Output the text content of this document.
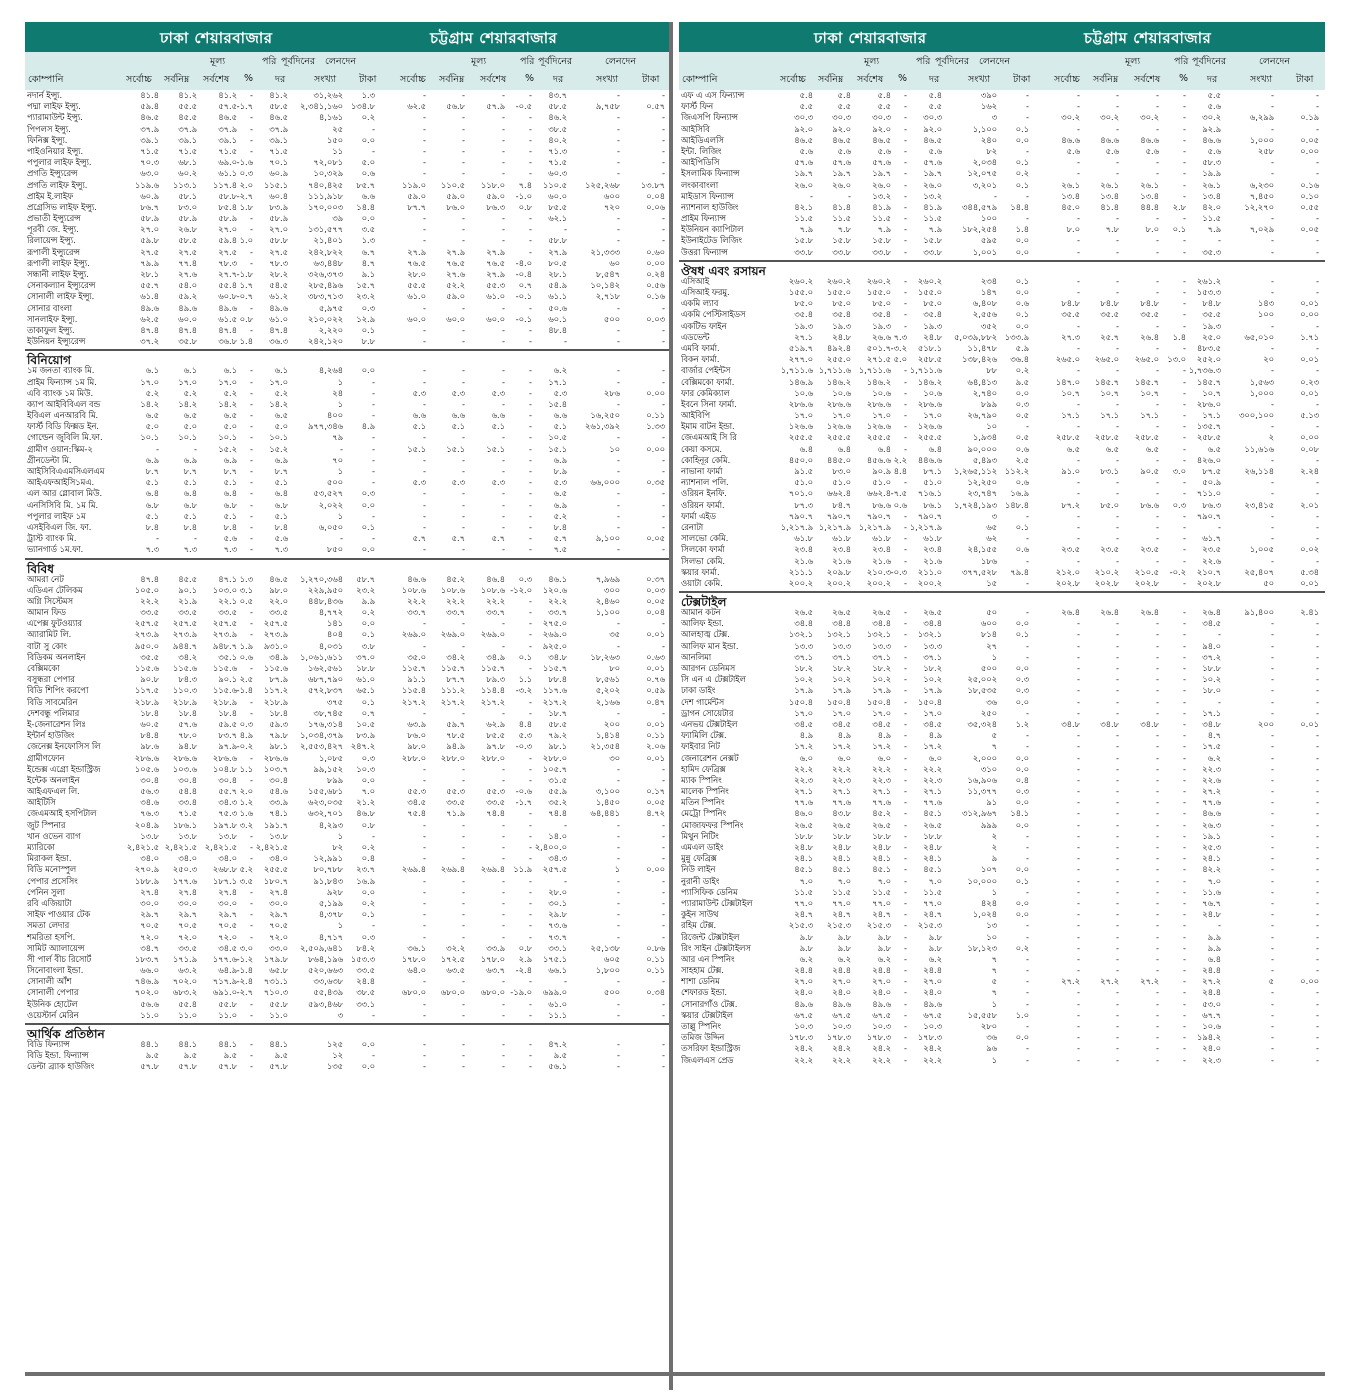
ঢাকা শেয়ারবাজার	চট্টগ্রাম শেয়ারবাজার
মূল্য	পরি পূর্বদিনের লেনদেন	মূল্য	পরি পূর্বদিনের	লেনদেন
কোম্পানি	সর্বোচ্চ সর্বনিম্ন সর্বশেষ % দর	সংখ্যা টাকা সর্বোচ্চ সর্বনিম্ন সর্বশেষ % দর	সংখ্যা	টাকা
নদার্ন ইন্স্যু.	৪১.৪	৪১.২	৪১.২	-	৪১.২	৩১,২৬২	১.৩	-	-	-	-	৪৩.৭	-	-
পদ্মা লাইফ ইন্স্যু.	৫৯.৪	৫৫.৫	৫৭.৫ -১.৭	৫৮.৫	২,৩৪১,১৬০ ১৩৪.৮	৬২.৫	৫৬.৮	৫৭.৯	-০.৫	৫৮.৫	৯,৭৫৮	০.৫৭
প্যারামাউন্ট ইন্স্যু.	৪৬.৫	৪৫.৫	৪৬.৫	-	৪৬.৫	৪,১৬১	০.২	-	-	-	-	৪৬.২	-	-
পিপলস ইন্স্যু.	৩৭.৯	৩৭.৯	৩৭.৯	-	৩৭.৯	২৫	-	-	-	-	-	৩৮.৫	-	-
ফিনিক্স ইন্স্যু.	৩৯.১	৩৯.১	৩৯.১	-	৩৯.১	১৫০	০.০	-	-	-	-	৪০.২	-	-
পাইওনিয়ার ইন্স্যু.	৭১.৫	৭১.৫	৭১.৫	-	৭১.৫	১১	-	-	-	-	-	৭১.৩	-	-
পপুলার লাইফ ইন্স্যু.	৭০.৩	৬৮.১	৬৯.০ -১.৬	৭০.১	৭২,০৮১	৫.০	-	-	-	-	৭১.৫	-	-
প্রগতি ইন্স্যুরেন্স	৬৩.০	৬০.২	৬১.১ ০.৩	৬০.৯	১০,৩২৯	০.৬	-	-	-	-	৬০.৩	-	-
প্রগতি লাইফ ইন্স্যু.	১১৯.৬	১১৩.১	১১৭.৪ ২.০	১১৫.১	৭৪০,৪২৫	৮৫.৭	১১৯.০	১১০.৫	১১৮.০	৭.৪	১১০.৫	১২৫,২৬৮	১৩.৮৭
প্রাইম ই.লাইফ	৬০.৯	৫৮.১	৫৮.৮ -২.৭	৬০.৪	১১১,৯১৮	৬.৬	৫৯.০	৫৯.০	৫৯.০	-১.০	৬০.০	৬০০	০.০৪
প্রগ্রেসিভ লাইফ ইন্স্যু.	৮৬.৭	৮৩.০	৮৫.৪ ১.৮	৮৩.৯	১৭০,০০৩	১৪.৪	৮৭.৭	৮৬.০	৮৬.৩	০.৮	৮৫.৫	৭২০	০.০৬
প্রভাতী ইন্স্যুরেন্স	৫৮.৯	৫৮.৯	৫৮.৯	-	৫৮.৯	৩৯	০.০	-	-	-	-	৬২.১	-	-
পূরবী জে. ইন্স্যু.	২৭.০	২৬.৮	২৭.০	-	২৭.০	১৩১,৫৭৭	৩.৫	-	-	-	-	-	-	-
রিলায়েন্স ইন্স্যু.	৫৯.৮	৫৮.৫	৫৯.৪ ১.০	৫৮.৮	২১,৪০১	১.৩	-	-	-	-	৫৮.৮	-	-
রূপালী ইন্স্যুরেন্স	২৭.৫	২৭.৫	২৭.৫	-	২৭.৫	২৪২,৮২২	৬.৭	২৭.৯	২৭.৯	২৭.৯	-	২৭.৯	২১,৩৩৩	০.৬০
রূপালী লাইফ ইন্স্যু.	৭৯.৯	৭৭.৪	৭৮.৩	-	৭৮.৩	৬৩,৪৪৮	৪.৭	৭৬.৫	৭৬.৫	৭৬.৫	-৪.০	৮০.৫	৬০	০.০০
সন্ধানী লাইফ ইন্স্যু.	২৮.১	২৭.৬	২৭.৭ -১.৮	২৮.২	৩২৬,৩৭৩	৯.১	২৮.০	২৭.৬	২৭.৯	-০.৪	২৮.১	৮,৫৪৭	০.২৪
সেনাকল্যান ইন্স্যুরেন্স	৫৫.৭	৫৪.০	৫৫.৪ ১.৭	৫৪.৫	২৮৫,৪৯৬	১৫.৭	৫৫.৫	৫২.২	৫৫.৩	০.৭	৫৪.৯	১০,১৪২	০.৫৬
সোনালী লাইফ ইন্স্যু.	৬১.৪	৫৯.২	৬০.৮ -০.৭	৬১.২	৩৮৩,৭১৩	২৩.২	৬১.০	৫৯.০	৬১.০	-০.১	৬১.১	২,৭১৮	০.১৬
সোনার বাংলা	৪৯.৬	৪৯.৬	৪৯.৬	-	৪৯.৬	৫,৯৭৫	০.৩	-	-	-	-	৫০.৬	-	-
সানলাইফ ইন্স্যু.	৬২.৫	৬০.০	৬১.৫ ০.৮	৬১.০	২১০,০২২	১২.৯	৬০.০	৬০.০	৬০.০	-০.১	৬০.১	৫০০	০.০৩
তাকাফুল ইন্স্যু.	৪৭.৪	৪৭.৪	৪৭.৪	-	৪৭.৪	২,২২০	০.১	-	-	-	-	৪৮.৪	-	-
ইউনিয়ন ইন্স্যুরেন্স	৩৭.২	৩৫.৮	৩৬.৮ ১.৪	৩৬.৩	২৪২,১২০	৮.৮	-	-	-	-	-	-	-
বিনিয়োগ
১ম জনতা ব্যাংক মি.	৬.১	৬.১	৬.১	-	৬.১	৪,২৬৪	০.০	-	-	-	-	৬.২	-	-
প্রাইম ফিন্যান্স ১ম মি.	১৭.০	১৭.০	১৭.০	-	১৭.০	১	-	-	-	-	-	১৭.১	-	-
এবি ব্যাংক ১ম মিউ.	৫.২	৫.২	৫.২	-	৫.২	২৪	-	৫.৩	৫.৩	৫.৩	-	৫.৩	২৮৬	০.০০
ক্যাপ আইবিবিএল বন্ড	১৪.২	১৪.২	১৪.২	-	১৪.২	১	-	-	-	-	-	১৫.৪	-	-
ইবিএল এনআরবি মি.	৬.৫	৬.৫	৬.৫	-	৬.৫	৪০০	-	৬.৬	৬.৬	৬.৬	-	৬.৬	১৬,২৫০	০.১১
ফার্স্ট বিডি ফিক্সড ইন.	৫.০	৫.০	৫.০	-	৫.০	৯৭৭,৩৪৬	৪.৯	৫.১	৫.১	৫.১	-	৫.১	২৬১,৩৯২	১.৩৩
গোল্ডেন জুবিলি মি.ফা.	১০.১	১০.১	১০.১	-	১০.১	৭৯	-	-	-	-	-	১০.৫	-	-
গ্রামীণ ওয়ান:স্কিম-২	-	-	১৫.২	-	১৫.২	-	-	১৫.১	১৫.১	১৫.১	-	১৫.১	১০	০.০০
গ্রীনডেল্টা মি.	৬.৯	৬.৯	৬.৯	-	৬.৯	৭০	-	-	-	-	-	৬.৯	-	-
আইসিবিএএমসিএলএম	৮.৭	৮.৭	৮.৭	-	৮.৭	১	-	-	-	-	-	৮.৯	-	-
আইএফআইসি১মএ.	৫.১	৫.১	৫.১	-	৫.১	৫০০	-	৫.৩	৫.৩	৫.৩	-	৫.৩	৬৬,০০০	০.৩৫
এল আর গ্লোবাল মিউ.	৬.৪	৬.৪	৬.৪	-	৬.৪	৫৩,৫২৭	০.৩	-	-	-	-	৬.৫	-	-
এনসিসিবি মি. ১ম মি.	৬.৮	৬.৮	৬.৮	-	৬.৮	২,০২২	০.০	-	-	-	-	৬.৯	-	-
পপুলার লাইফ ১ম	৫.১	৫.১	৫.১	-	৫.১	১	-	-	-	-	-	৫.২	-	-
এসইবিএল জি. ফা.	৮.৪	৮.৪	৮.৪	-	৮.৪	৬,০৫০	০.১	-	-	-	-	৮.৪	-	-
ট্রাস্ট ব্যাংক মি.	-	-	৫.৬	-	৫.৬	-	-	৫.৭	৫.৭	৫.৭	-	৫.৭	৯,১০০	০.০৫
ভ্যানগার্ড ১ম.ফা.	৭.৩	৭.৩	৭.৩	-	৭.৩	৮৫০	০.০	-	-	-	-	৭.৫	-	-
বিবিধ
আমরা নেট	৪৭.৪	৪৫.৫	৪৭.১ ১.৩	৪৬.৫	১,২৭০,৩৬৪	৫৮.৭	৪৬.৬	৪৫.২	৪৬.৪	০.৩	৪৬.১	৭,৯৬৯	০.৩৭
এডিএন টেলিকম	১০৫.০	৯০.১	১০৩.০ ৩.১	৯৮.০	২২৯,৯৫০	২৩.২	১০৮.৬	১০৮.৬	১০৮.৬ -১২.০	১২০.৬	৩০০	০.০৩
অগ্নি সিস্টেমস	২২.২	২১.৯	২২.১ ০.৫	২২.০	৪৪৮,৪৩৬	৯.৯	২২.২	২২.২	২২.২	-	২২.২	২,৪৬০	০.০৫
আমান ফিড	৩৩.৫	৩৩.৫	৩৩.৫	-	৩৩.৫	৪,৭৭২	০.২	৩৩.৭	৩৩.৭	৩৩.৭	-	৩৩.৭	১,১০০	০.০৪
এপেক্স ফুটওয়্যার	২৫৭.৫	২৫৭.৫	২৫৭.৫	-	২৫৭.৫	১৪১	০.০	-	-	-	-	২৭৫.০	-	-
অ্যারামিট লি.	২৭৩.৯	২৭৩.৯	২৭৩.৯	-	২৭৩.৯	৪০৪	০.১	২৬৯.০	২৬৯.০	২৬৯.০	-	২৬৯.০	৩৫	০.০১
বাটা সু কোং	৯৫০.০	৯৪৪.৭	৯৪৮.৭ ১.৯	৯৩১.০	৪,০৩১	৩.৮	-	-	-	-	৯২৫.০	-	-
বিডিকম অনলাইন	৩৫.৫	৩৪.২	৩৫.১ ০.৬	৩৪.৯	১,০৬১,৬১১	৩৭.০	৩৫.০	৩৪.২	৩৪.৯	০.১	৩৪.৮	১৮,২৬৩	০.৬৩
বেক্সিমকো	১১৫.৬	১১৫.৬	১১৫.৬	-	১১৫.৬	১৬২,৫৬১	১৮.৮	১১৫.৭	১১৫.৭	১১৫.৭	-	১১৫.৭	৮০	০.০১
বসুন্ধরা পেপার	৯০.৮	৮৪.৩	৯০.১ ২.৫	৮৭.৯	৬৮৭,৭৯০	৬১.০	৯১.১	৮৭.৭	৮৯.৩	১.১	৮৮.৪	৮,৫৬১	০.৭৬
বিডি শিপিং করপো	১১৭.৫	১১০.৩	১১৫.৬ -১.৪	১১৭.২	৫৭২,৮৩৭	৬৫.১	১১৫.৪	১১১.২	১১৪.৪	-৩.২	১১৭.৬	৫,২০২	০.৫৯
বিডি সাবমেরিন	২১৮.৯	২১৮.৯	২১৮.৯	-	২১৮.৯	৩৭৫	০.১	২১৭.২	২১৭.২	২১৭.২	-	২১৭.২	২,১৬৬	০.৪৭
দেশবন্ধু পলিমার	১৮.৪	১৮.৪	১৮.৪	-	১৮.৪	৩৮,৭৪৫	০.৭	-	-	-	-	১৮.৭	-	-
ই-জেনারেশন লিঃ	৬০.৫	৫৭.৬	৫৯.৫ ০.৩	৫৯.৩	১৭৬,৩১৪	১০.৫	৬৩.৯	৫৯.৭	৬২.৯	৪.৪	৫৮.৫	২০০	০.০১
ইন্টার্ন হাউজিং	৮৪.৪	৭৮.০	৮৩.৭ ৪.৯	৭৯.৮	১,০৩৪,৩৭৯	৮৩.৯	৮৬.০	৭৮.৫	৮৫.৫	৫.৩	৭৯.২	১,৪১৪	০.১১
জেনেক্স ইনফোসিস লি	৯৮.৬	৯৪.৮	৯৭.৯ -০.২	৯৮.১	২,৫৫৩,৪২৭ ২৪৭.২	৯৮.০	৯৪.৯	৯৭.৮	-০.৩	৯৮.১	২১,৩৫৪	২.০৬
গ্রামীণফোন	২৮৬.৬	২৮৬.৬	২৮৬.৬	-	২৮৬.৬	১,০৮৫	০.৩	২৮৮.০	২৮৮.০	২৮৮.০	-	২৮৮.০	৩০	০.০১
ইন্ডেক্স এগ্রো ইন্ডাস্ট্রিজ	১০৫.৬	১০৩.৬	১০৪.৮ ১.১	১০৩.৭	৯৯,১৫২	১০.৩	-	-	-	-	১০৫.৭	-	-
ইন্টেক অনলাইন	৩০.৪	৩০.৪	৩০.৪	-	৩০.৪	৮৯৯	০.০	-	-	-	-	৩১.৫	-	-
আইএফএল লি.	৫৬.৩	৫৪.৪	৫৫.৭ ২.০	৫৪.৬	১৫৫,৬৮১	৭.০	৫৫.৩	৫৫.৩	৫৫.৩	-০.৬	৫৫.৯	৩,১০০	০.১৭
আইটিসি	৩৪.৬	৩৩.৪	৩৪.৩ ১.২	৩৩.৯	৬২৩,০৩৫	২১.২	৩৪.৫	৩৩.৫	৩৩.৫	-১.৭	৩৫.২	১,৪৫০	০.০৫
জেএমআই হসপিটাল	৭৬.৩	৭১.৫	৭৫.৩ ১.৬	৭৪.১	৬৩২,৭০১	৪৬.৮	৭৫.৪	৭১.৯	৭৪.৪	-	৭৪.৪	৬৪,৪৪১	৪.৭২
জুট স্পিনার	২০৪.৯	১৮৬.১	১৯৭.৮ ৩.২	১৯১.৭	৪,২৯৩	০.৮	-	-	-	-	-	-	-
খান ওভেন ব্যাগ	১৩.৮	১৩.৮	১৩.৮	-	১৩.৮	১	-	-	-	-	-	১৪.০	-	-
ম্যারিকো	২,৪২১.৫ ২,৪২১.৫ ২,৪২১.৫	- ২,৪২১.৫	৮২	০.২	-	-	-	- ২,৪০০.০	-	-
মিরাকল ইন্ডা.	৩৪.০	৩৪.০	৩৪.০	-	৩৪.০	১২,৯৯১	০.৪	-	-	-	-	৩৪.৩	-	-
বিডি মনোস্পুল	২৭০.৯	২৫০.৩	২৬৮.৮ ৫.২	২৫৫.৫	৮০,৭৮৮	২৩.৭	২৬৯.৪	২৬৯.৪	২৬৯.৪ ১১.৯	২৫৭.৫	১	০.০০
পেপার প্রসেসিং	১৮৮.৯	১৭৭.৬	১৮৭.১ ৩.৫	১৮০.৭	৯১,৮৪৩	১৬.৯	-	-	-	-	-	-	-
পেনিন সুলা	২৭.৪	২৭.৪	২৭.৪	-	২৭.৪	৯২৮	০.০	-	-	-	-	২৮.০	-	-
রবি এজিয়াটা	৩০.০	৩০.০	৩০.০	-	৩০.০	৫,১৯৯	০.২	-	-	-	-	৩০.১	-	-
সাইফ পাওয়ার টেক	২৯.৭	২৯.৭	২৯.৭	-	২৯.৭	৪,৩৭৮	০.১	-	-	-	-	২৯.৮	-	-
সমতা লেদার	৭০.৫	৭০.৫	৭০.৫	-	৭০.৫	১	-	-	-	-	-	৭৩.৬	-	-
শমরিতা হসপি.	৭২.০	৭২.০	৭২.০	-	৭২.০	৪,৭১৭	০.৩	-	-	-	-	৭৩.৭	-	-
সামিট অ্যালায়েন্স	৩৪.৭	৩৩.৫	৩৪.৫ ৩.০	৩৩.০	২,৫০৯,৬৪১	৮৪.২	৩৬.১	৩২.২	৩৩.৯	০.৮	৩৩.১	২৫,১৩৮	০.৮৬
সী পার্ল বীচ রিসোর্ট	১৮৩.৭	১৭১.৯	১৭৭.৬ -১.২	১৭৯.৮	৮৬৪,১৯৬ ১৫৩.৩	১৭৮.০	১৭২.৫	১৭৮.০	২.৯	১৭৫.১	৬০৫	০.১১
সিনোবাংলা ইন্ডা.	৬৬.০	৬৩.২	৬৪.৯ -১.৪	৬৫.৮	৫২০,৬৬৩	৩৩.৫	৬৪.০	৬৩.৫	৬৩.৭	-২.৪	৬৬.১	১,৮০০	০.১১
সোনালী আঁশ	৭৪৬.৯	৭০২.০	৭১৭.৯ -২.৪	৭৩১.১	৩৩,৬৩৮	২৪.৪	-	-	-	-	-	-	-
সোনালী পেপার	৭০২.০	৬৮৩.২	৬৯১.০ -২.৭	৭১০.৩	৫৫,৪৩৯	৩৮.৫	৬৮০.০	৬৮০.০	৬৮০.০ -১৯.০	৬৯৯.০	৫০০	০.৩৪
ইউনিক হোটেল	৫৬.৬	৫৫.৪	৫৫.৮	-	৫৫.৮	৫৯৩,৪৬৮	৩৩.১	-	-	-	-	৬১.০	-	-
ওয়েস্টার্ন মেরিন	১১.০	১১.০	১১.০	-	১১.০	৩	-	-	-	-	-	১১.১	-	-
আর্থিক প্রতিষ্ঠান
বিডি ফিন্যান্স	৪৪.১	৪৪.১	৪৪.১	-	৪৪.১	১২৫	০.০	-	-	-	-	৪৭.২	-	-
বিডি ইন্ডা. ফিন্যান্স	৯.৫	৯.৫	৯.৫	-	৯.৫	১২	-	-	-	-	-	৯.৫	-	-
ডেল্টা ব্র্যাক হাউজিং	৫৭.৮	৫৭.৮	৫৭.৮	-	৫৭.৮	১৩৫	০.০	-	-	-	-	৫৬.১	-	-
ঢাকা শেয়ারবাজার	চট্টগ্রাম শেয়ারবাজার
মূল্য	পরি পূর্বদিনের লেনদেন	মূল্য	পরি পূর্বদিনের	লেনদেন
কোম্পানি	সর্বোচ্চ সর্বনিম্ন সর্বশেষ % দর	সংখ্যা টাকা সর্বোচ্চ সর্বনিম্ন সর্বশেষ % দর	সংখ্যা	টাকা
এফ এ এস ফিন্যান্স	৫.৪	৫.৪	৫.৪	-	৫.৪	৩৯০	-	-	-	-	-	৫.৫	-	-
ফার্স্ট ফিন	৫.৫	৫.৫	৫.৫	-	৫.৫	১৬২	-	-	-	-	-	৫.৬	-	-
জিএসপি ফিন্যান্স	৩০.৩	৩০.৩	৩০.৩	-	৩০.৩	৩	-	৩০.২	৩০.২	৩০.২	-	৩০.২	৬,২৯৯	০.১৯
আইসিবি	৯২.০	৯২.০	৯২.০	-	৯২.০	১,১০০	০.১	-	-	-	-	৯২.৯	-	-
আইডিএলসি	৪৬.৫	৪৬.৫	৪৬.৫	-	৪৬.৫	২৪০	০.০	৪৬.৬	৪৬.৬	৪৬.৬	-	৪৬.৬	১,০০০	০.০৫
ইন্টা. লিজিং	৫.৬	৫.৬	৫.৬	-	৫.৬	৮২	-	৫.৬	৫.৬	৫.৬	-	৫.৬	২৫৮	০.০০
আইপিডিসি	৫৭.৬	৫৭.৬	৫৭.৬	-	৫৭.৬	২,০৩৪	০.১	-	-	-	-	৫৮.৩	-	-
ইসলামিক ফিন্যান্স	১৯.৭	১৯.৭	১৯.৭	-	১৯.৭	১২,০৭৫	০.২	-	-	-	-	১৯.৯	-	-
লংকাবাংলা	২৬.০	২৬.০	২৬.০	-	২৬.০	৩,২০১	০.১	২৬.১	২৬.১	২৬.১	-	২৬.১	৬,২৩০	০.১৬
মাইডাস ফিন্যান্স	-	-	১৩.২	-	১৩.২	-	-	১৩.৪	১৩.৪	১৩.৪	-	১৩.৪	৭,৪৫০	০.১০
ন্যাশনাল হাউজিং	৪২.১	৪১.৪	৪১.৯	-	৪১.৯	৩৪৪,৫৭৯	১৪.৪	৪৫.০	৪১.৪	৪৪.৪	২.৮	৪২.০	১২,২৭০	০.৫৫
প্রাইম ফিন্যান্স	১১.৫	১১.৫	১১.৫	-	১১.৫	১০০	-	-	-	-	-	১১.৫	-	-
ইউনিয়ন ক্যাপিটাল	৭.৯	৭.৮	৭.৯	-	৭.৯	১৮২,২৫৪	১.৪	৮.০	৭.৮	৮.০	০.১	৭.৯	৭,০২৯	০.০৫
ইউনাইটেড লিজিং	১৫.৮	১৫.৮	১৫.৮	-	১৫.৮	৫৯৫	০.০	-	-	-	-	-	-	-
উত্তরা ফিন্যান্স	৩৩.৮	৩৩.৮	৩৩.৮	-	৩৩.৮	১,০০১	০.০	-	-	-	-	৩৫.৩	-	-
ঔষধ এবং রসায়ন
এসিআই	২৬০.২	২৬০.২	২৬০.২	-	২৬০.২	২৩৪	০.১	-	-	-	-	২৬১.২	-	-
এসিআই ফরমু.	১৫৫.০	১৫৫.০	১৫৫.০	-	১৫৫.০	১৪৭	০.০	-	-	-	-	১৫৩.৩	-	-
একমি ল্যাব	৮৫.০	৮৫.০	৮৫.০	-	৮৫.০	৬,৪০৮	০.৬	৮৪.৮	৮৪.৮	৮৪.৮	-	৮৪.৮	১৪৩	০.০১
একমি পেস্টিসাইডস	৩৫.৪	৩৫.৪	৩৫.৪	-	৩৫.৪	২,৫৫৬	০.১	৩৫.৫	৩৫.৫	৩৫.৫	-	৩৫.৫	১০০	০.০০
একটিভ ফাইন	১৯.৩	১৯.৩	১৯.৩	-	১৯.৩	৩৫২	০.০	-	-	-	-	১৯.৩	-	-
এডভেন্ট	২৭.১	২৪.৮	২৬.৬ ৭.৩	২৪.৮	৫,০৩৯,৮৮২ ১৩৩.৯	২৭.৩	২৫.৭	২৬.৪	১.৪	২৫.০	৬৫,০১০	১.৭১
এমবি ফার্মা.	৫১৯.৭	৪৯২.৪	৫০১.৭ -৩.২	৫১৮.১	১১,৪৭৮	৫.৯	-	-	-	-	৪৮৩.৫	-	-
বিকন ফার্মা.	২৭৭.০	২৫৫.০	২৭১.৫ ৫.০	২৫৮.৫	১৩৮,৪২৬	৩৬.৪	২৬৫.০	২৬৫.০	২৬৫.০ ১৩.০	২৫২.০	২০	০.০১
বার্জার পেইন্টস	১,৭১১.৬ ১,৭১১.৬ ১,৭১১.৬	- ১,৭১১.৬	৮৮	০.২	-	-	-	- ১,৭৩৬.৩	-	-
বেক্সিমকো ফার্মা.	১৪৬.৯	১৪৬.২	১৪৬.২	-	১৪৬.২	৬৪,৪১৩	৯.৫	১৪৭.০	১৪৫.৭	১৪৫.৭	-	১৪৫.৭	১,৫৬৩	০.২৩
ফার কেমিক্যাল	১০.৬	১০.৬	১০.৬	-	১০.৬	২,৭৪০	০.০	১০.৭	১০.৭	১০.৭	-	১০.৭	১,০০০	০.০১
ইবনে সিনা ফার্মা.	২৮৬.৬	২৮৬.৬	২৮৬.৬	-	২৮৬.৬	৮৯৯	০.৩	-	-	-	-	২৮৬.০	-	-
আইবিপি	১৭.০	১৭.০	১৭.০	-	১৭.০	২৬,৭৯০	০.৫	১৭.১	১৭.১	১৭.১	-	১৭.১	৩০০,১০০	৫.১৩
ইমাম বাটন ইন্ডা.	১২৬.৬	১২৬.৬	১২৬.৬	-	১২৬.৬	১০	-	-	-	-	-	১৩৫.৭	-	-
জেএমআই সি রি	২৫৫.৫	২৫৫.৫	২৫৫.৫	-	২৫৫.৫	১,৯৩৪	০.৫	২৫৮.৫	২৫৮.৫	২৫৮.৫	-	২৫৮.৫	২	০.০০
কেয়া কসমে.	৬.৪	৬.৪	৬.৪	-	৬.৪	৯০,০০০	০.৬	৬.৫	৬.৫	৬.৫	-	৬.৫	১১,৬১৬	০.০৮
কোহিনূর কেমি.	৪৫০.০	৪৪৫.০	৪৫৬.৬ ২.২	৪৪৬.৬	৫,৪৯৩	২.৫	-	-	-	-	৪২৬.০	-	-
নাভানা ফার্মা	৯১.৫	৮৩.০	৯০.৯ ৪.৪	৮৭.১	১,২৬৫,১১২ ১১২.২	৯১.০	৮৩.১	৯০.৫	৩.০	৮৭.৫	২৬,১১৪	২.২৪
ন্যাশনাল পলি.	৫১.০	৫১.০	৫১.০	-	৫১.০	১২,২৫০	০.৬	-	-	-	-	৫০.৯	-	-
ওরিয়ন ইনফি.	৭০১.০	৬৬২.৪	৬৬২.৪ -৭.৫	৭১৬.১	২৩,৭৪৭	১৬.৯	-	-	-	-	৭১১.০	-	-
ওরিয়ন ফার্মা.	৮৭.৩	৮৪.৭	৮৬.৬ ০.৬	৮৬.১	১,৭২৪,১৯৩ ১৪৮.৪	৮৭.২	৮৫.০	৮৬.৬	০.৩	৮৬.৩	২৩,৪১৫	২.০১
ফার্মা এইড	৭৯০.৭	৭৯০.৭	৭৯০.৭	-	৭৯০.৭	৩	-	-	-	-	-	৭৯০.৭	-	-
রেনাটা	১,২১৭.৯ ১,২১৭.৯ ১,২১৭.৯	- ১,২১৭.৯	৬৫	০.১	-	-	-	-	-	-	-
সালভো কেমি.	৬১.৮	৬১.৮	৬১.৮	-	৬১.৮	৬২	-	-	-	-	-	৬১.৭	-	-
সিলকো ফার্মা	২৩.৪	২৩.৪	২৩.৪	-	২৩.৪	২৪,১৫৫	০.৬	২৩.৫	২৩.৫	২৩.৫	-	২৩.৫	১,০০৫	০.০২
সিলভা কেমি.	২১.৬	২১.৬	২১.৬	-	২১.৬	১৮৬	-	-	-	-	-	২২.৬	-	-
স্কয়ার ফার্মা.	২১১.১	২০৯.৮	২১০.৩ -০.৩	২১১.০	৩৭৭,৫২৮	৭৯.৪	২১২.০	২১০.২	২১০.৫	-০.২	২১০.৭	২৫,৪০৭	৫.৩৪
ওয়াটা কেমি.	২০০.২	২০০.২	২০০.২	-	২০০.২	১৫	-	২০২.৮	২০২.৮	২০২.৮	-	২০২.৮	৫০	০.০১
টেক্সটাইল
আমান কটন	২৬.৫	২৬.৫	২৬.৫	-	২৬.৫	৫০	-	২৬.৪	২৬.৪	২৬.৪	-	২৬.৪	৯১,৪০০	২.৪১
আলিফ ইন্ডা.	৩৪.৪	৩৪.৪	৩৪.৪	-	৩৪.৪	৬০০	০.০	-	-	-	-	৩৪.৫	-	-
আলহাজ্ব টেক্স.	১৩২.১	১৩২.১	১৩২.১	-	১৩২.১	৮১৪	০.১	-	-	-	-	-	-	-
আলিফ মান ইন্ডা.	১৩.৩	১৩.৩	১৩.৩	-	১৩.৩	২৭	-	-	-	-	-	৯৪.০	-	-
আনলিমা	৩৭.১	৩৭.১	৩৭.১	-	৩৭.১	১	-	-	-	-	-	৩৭.২	-	-
আরগন ডেনিমস	১৮.২	১৮.২	১৮.২	-	১৮.২	৫০০	০.০	-	-	-	-	১৮.৮	-	-
সি এন এ টেক্সটাইল	১০.২	১০.২	১০.২	-	১০.২	২৫,০০২	০.৩	-	-	-	-	১০.২	-	-
ঢাকা ডাইং	১৭.৯	১৭.৯	১৭.৯	-	১৭.৯	১৮,৫৩৫	০.৩	-	-	-	-	১৮.০	-	-
দেশ গার্মেন্টস	১৫০.৪	১৫০.৪	১৫০.৪	-	১৫০.৪	৩৬	০.০	-	-	-	-	-	-	-
ড্রাগন সোয়েটার	১৭.০	১৭.০	১৭.০	-	১৭.০	২৫০	-	-	-	-	-	১৭.১	-	-
এনভয় টেক্সটাইল	৩৪.৫	৩৪.৫	৩৪.৫	-	৩৪.৫	৩৫,৩২৪	১.২	৩৪.৮	৩৪.৮	৩৪.৮	-	৩৪.৮	২০০	০.০১
ফ্যামিলি টেক্স.	৪.৯	৪.৯	৪.৯	-	৪.৯	৫	-	-	-	-	-	৪.৭	-	-
ফাইবার নিট	১৭.২	১৭.২	১৭.২	-	১৭.২	৭	-	-	-	-	-	১৭.৫	-	-
জেনারেশন নেক্সট	৬.০	৬.০	৬.০	-	৬.০	২,০০০	০.০	-	-	-	-	৬.২	-	-
হামিদ ফেব্রিক্স	২২.২	২২.২	২২.২	-	২২.২	৩১০	০.০	-	-	-	-	২২.৩	-	-
ম্যাক স্পিনিং	২২.৩	২২.৩	২২.৩	-	২২.৩	১৬,৯০৬	০.৪	-	-	-	-	২২.৬	-	-
মালেক স্পিনিং	২৭.১	২৭.১	২৭.১	-	২৭.১	১১,৩৭৭	০.৩	-	-	-	-	২৭.২	-	-
মতিন স্পিনিং	৭৭.৬	৭৭.৬	৭৭.৬	-	৭৭.৬	৯১	০.০	-	-	-	-	৭৭.৬	-	-
মেট্রো স্পিনিং	৪৬.০	৪৩.৮	৪৫.২	-	৪৫.১	৩১২,৯৬৭	১৪.১	-	-	-	-	৪৬.৬	-	-
মোজাফফর স্পিনিং	২৬.৫	২৬.৫	২৬.৫	-	২৬.৫	৯৯৯	০.০	-	-	-	-	২৬.৩	-	-
মিথুন নিটিং	১৮.৮	১৮.৮	১৮.৮	-	১৮.৮	২	-	-	-	-	-	১৯.১	-	-
এমএল ডাইং	২৪.৮	২৪.৮	২৪.৮	-	২৪.৮	২	-	-	-	-	-	২৫.৩	-	-
মুন্নু ফেব্রিক্স	২৪.১	২৪.১	২৪.১	-	২৪.১	৯	-	-	-	-	-	২৪.১	-	-
নিউ লাইন	৪৫.১	৪৫.১	৪৫.১	-	৪৫.১	১০৭	০.০	-	-	-	-	৪২.২	-	-
নুরানী ডাইং	৭.০	৭.০	৭.০	-	৭.০	১০,০০০	০.১	-	-	-	-	৭.০	-	-
প্যাসিফিক ডেনিম	১১.৫	১১.৫	১১.৫	-	১১.৫	১	-	-	-	-	-	১১.৬	-	-
প্যারামাউন্ট টেক্সটাইল	৭৭.০	৭৭.০	৭৭.০	-	৭৭.০	৪২৪	০.০	-	-	-	-	৭৬.৭	-	-
কুইন সাউথ	২৪.৭	২৪.৭	২৪.৭	-	২৪.৭	১,০২৪	০.০	-	-	-	-	২৪.৮	-	-
রহিম টেক্স.	২১৫.৩	২১৫.৩	২১৫.৩	-	২১৫.৩	১৩	-	-	-	-	-	-	-	-
রিজেন্ট টেক্সটাইল	৯.৮	৯.৮	৯.৮	-	৯.৮	১০	-	-	-	-	-	৯.৯	-	-
রিং সাইন টেক্সটাইলস	৯.৮	৯.৮	৯.৮	-	৯.৮	১৮,১২৩	০.২	-	-	-	-	৯.৯	-	-
আর এন স্পিনিং	৬.২	৬.২	৬.২	-	৬.২	৭	-	-	-	-	-	৬.৪	-	-
সাহহাম টেক্স.	২৪.৪	২৪.৪	২৪.৪	-	২৪.৪	৭	-	-	-	-	-	২৪.৪	-	-
শাশা ডেনিম	২৭.০	২৭.০	২৭.০	-	২৭.০	৫	-	২৭.২	২৭.২	২৭.২	-	২৭.২	৫	০.০০
শেফারড ইন্ডা.	২৪.০	২৪.০	২৪.০	-	২৪.০	৭	-	-	-	-	-	২৪.৪	-	-
সোনারগাঁও টেক্স.	৪৯.৬	৪৯.৬	৪৯.৬	-	৪৯.৬	১	-	-	-	-	-	৫৩.০	-	-
স্কয়ার টেক্সটাইল	৬৭.৫	৬৭.৫	৬৭.৫	-	৬৭.৫	১৫,৫৫৮	১.০	-	-	-	-	৬৭.৭	-	-
তাল্লু স্পিনিং	১০.৩	১০.৩	১০.৩	-	১০.৩	২৮০	-	-	-	-	-	১০.৬	-	-
তমিজ উদ্দিন	১৭৮.৩	১৭৮.৩	১৭৮.৩	-	১৭৮.৩	৩৬	০.০	-	-	-	-	১৯৪.২	-	-
তসরিফা ইন্ডাস্ট্রিজ	২৪.২	২৪.২	২৪.২	-	২৪.২	৯৬	-	-	-	-	-	২৪.০	-	-
জিএলএস প্রেড	২২.২	২২.২	২২.২	-	২২.২	১	-	-	-	-	-	২২.৩	-	-
